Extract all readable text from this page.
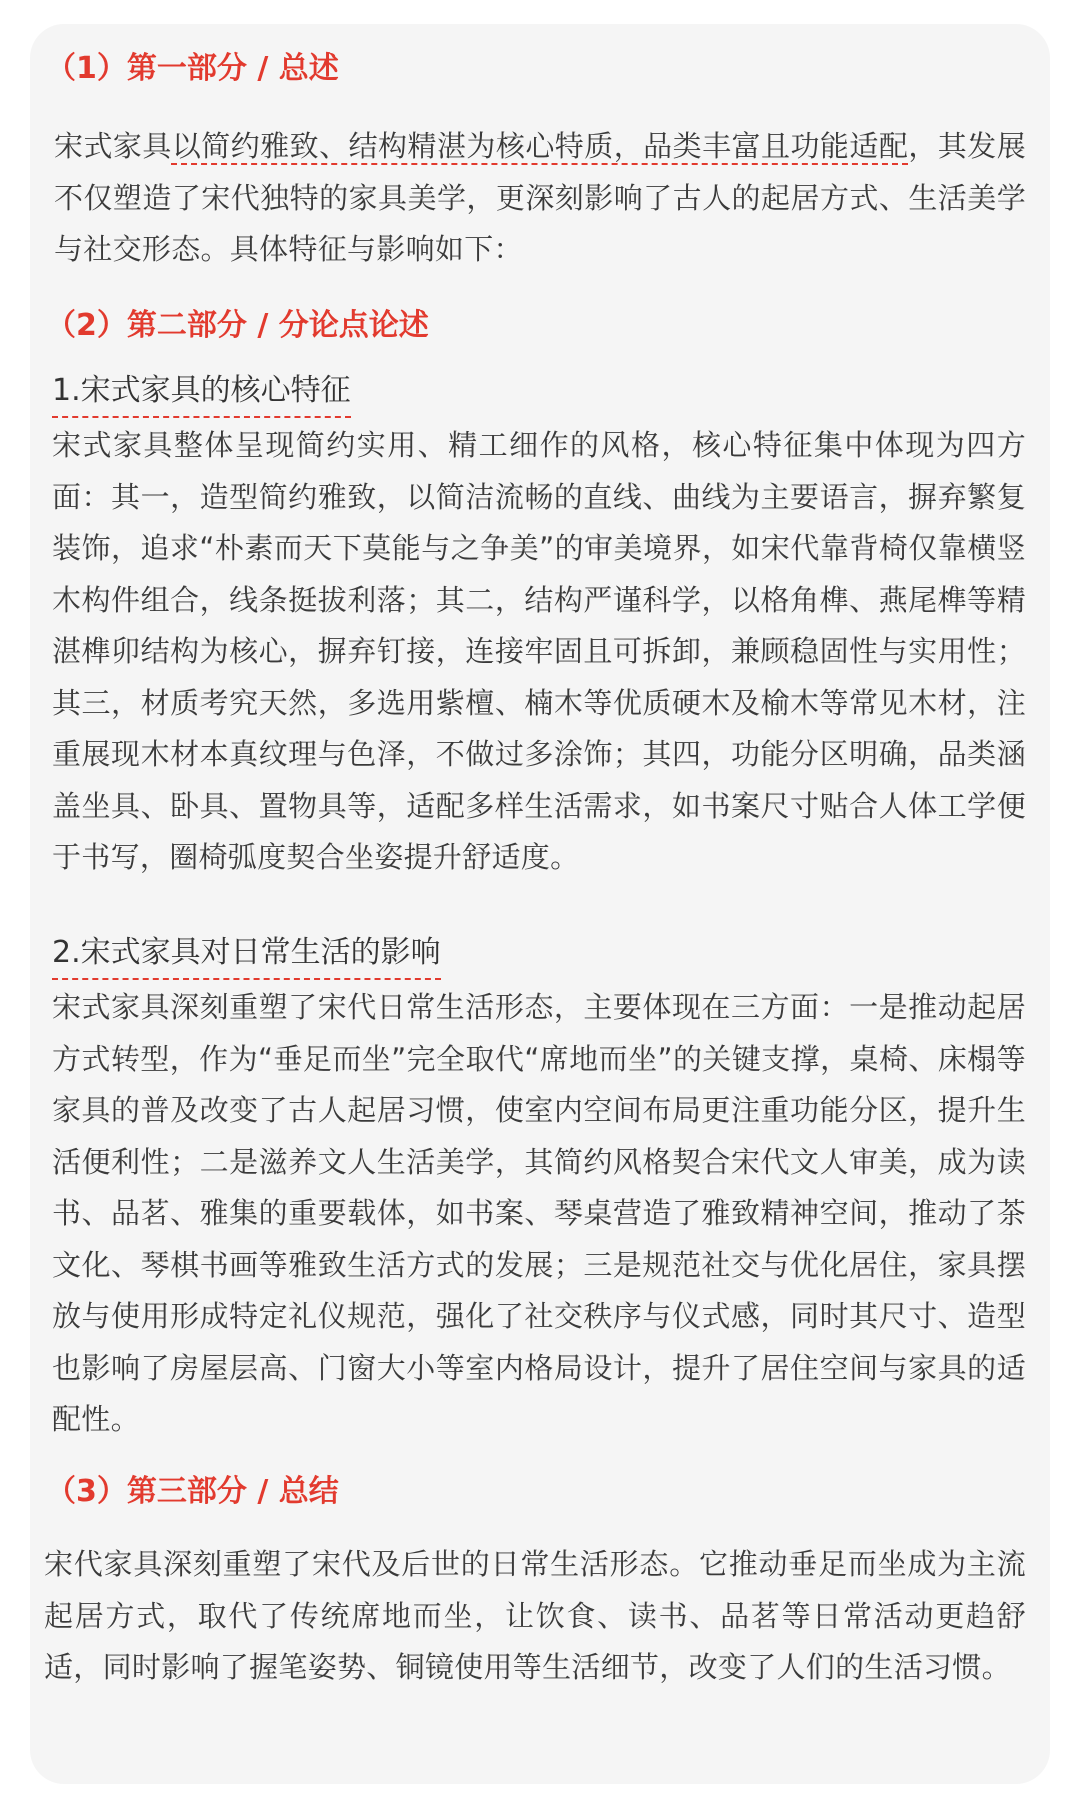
（1）第一部分 / 总述
宋式家具以简约雅致、结构精湛为核心特质，品类丰富且功能适配，其发展不仅塑造了宋代独特的家具美学，更深刻影响了古人的起居方式、生活美学与社交形态。具体特征与影响如下：
（2）第二部分 / 分论点论述
1.宋式家具的核心特征
宋式家具整体呈现简约实用、精工细作的风格，核心特征集中体现为四方面：其一，造型简约雅致，以简洁流畅的直线、曲线为主要语言，摒弃繁复装饰，追求“朴素而天下莫能与之争美”的审美境界，如宋代靠背椅仅靠横竖木构件组合，线条挺拔利落；其二，结构严谨科学，以格角榫、燕尾榫等精湛榫卯结构为核心，摒弃钉接，连接牢固且可拆卸，兼顾稳固性与实用性；其三，材质考究天然，多选用紫檀、楠木等优质硬木及榆木等常见木材，注重展现木材本真纹理与色泽，不做过多涂饰；其四，功能分区明确，品类涵盖坐具、卧具、置物具等，适配多样生活需求，如书案尺寸贴合人体工学便于书写，圈椅弧度契合坐姿提升舒适度。
2.宋式家具对日常生活的影响
宋式家具深刻重塑了宋代日常生活形态，主要体现在三方面：一是推动起居方式转型，作为“垂足而坐”完全取代“席地而坐”的关键支撑，桌椅、床榻等家具的普及改变了古人起居习惯，使室内空间布局更注重功能分区，提升生活便利性；二是滋养文人生活美学，其简约风格契合宋代文人审美，成为读书、品茗、雅集的重要载体，如书案、琴桌营造了雅致精神空间，推动了茶文化、琴棋书画等雅致生活方式的发展；三是规范社交与优化居住，家具摆放与使用形成特定礼仪规范，强化了社交秩序与仪式感，同时其尺寸、造型也影响了房屋层高、门窗大小等室内格局设计，提升了居住空间与家具的适配性。
（3）第三部分 / 总结
宋代家具深刻重塑了宋代及后世的日常生活形态。它推动垂足而坐成为主流起居方式，取代了传统席地而坐，让饮食、读书、品茗等日常活动更趋舒适，同时影响了握笔姿势、铜镜使用等生活细节，改变了人们的生活习惯。
